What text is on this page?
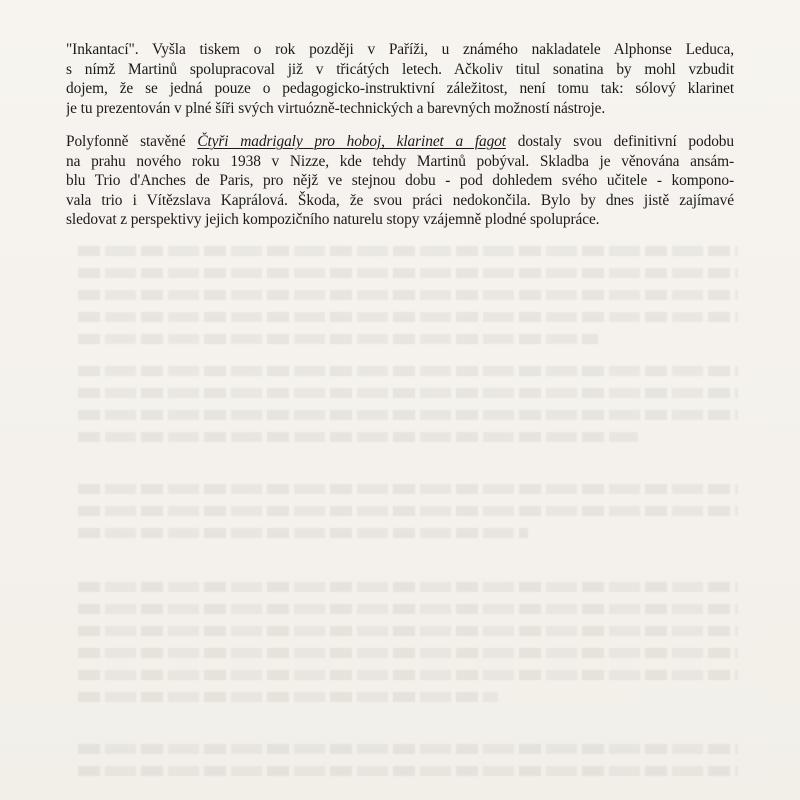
"Inkantací". Vyšla tiskem o rok později v Paříži, u známého nakladatele Alphonse Leduca,
s nímž Martinů spolupracoval již v třicátých letech. Ačkoliv titul sonatina by mohl vzbudit
dojem, že se jedná pouze o pedagogicko-instruktivní záležitost, není tomu tak: sólový klarinet
je tu prezentován v plné šíři svých virtuózně-technických a barevných možností nástroje.
Polyfonně stavěné Čtyři madrigaly pro hoboj, klarinet a fagot dostaly svou definitivní podobu
na prahu nového roku 1938 v Nizze, kde tehdy Martinů pobýval. Skladba je věnována ansám-
blu Trio d'Anches de Paris, pro nějž ve stejnou dobu - pod dohledem svého učitele - kompono-
vala trio i Vítězslava Kaprálová. Škoda, že svou práci nedokončila. Bylo by dnes jistě zajímavé
sledovat z perspektivy jejich kompozičního naturelu stopy vzájemně plodné spolupráce.
